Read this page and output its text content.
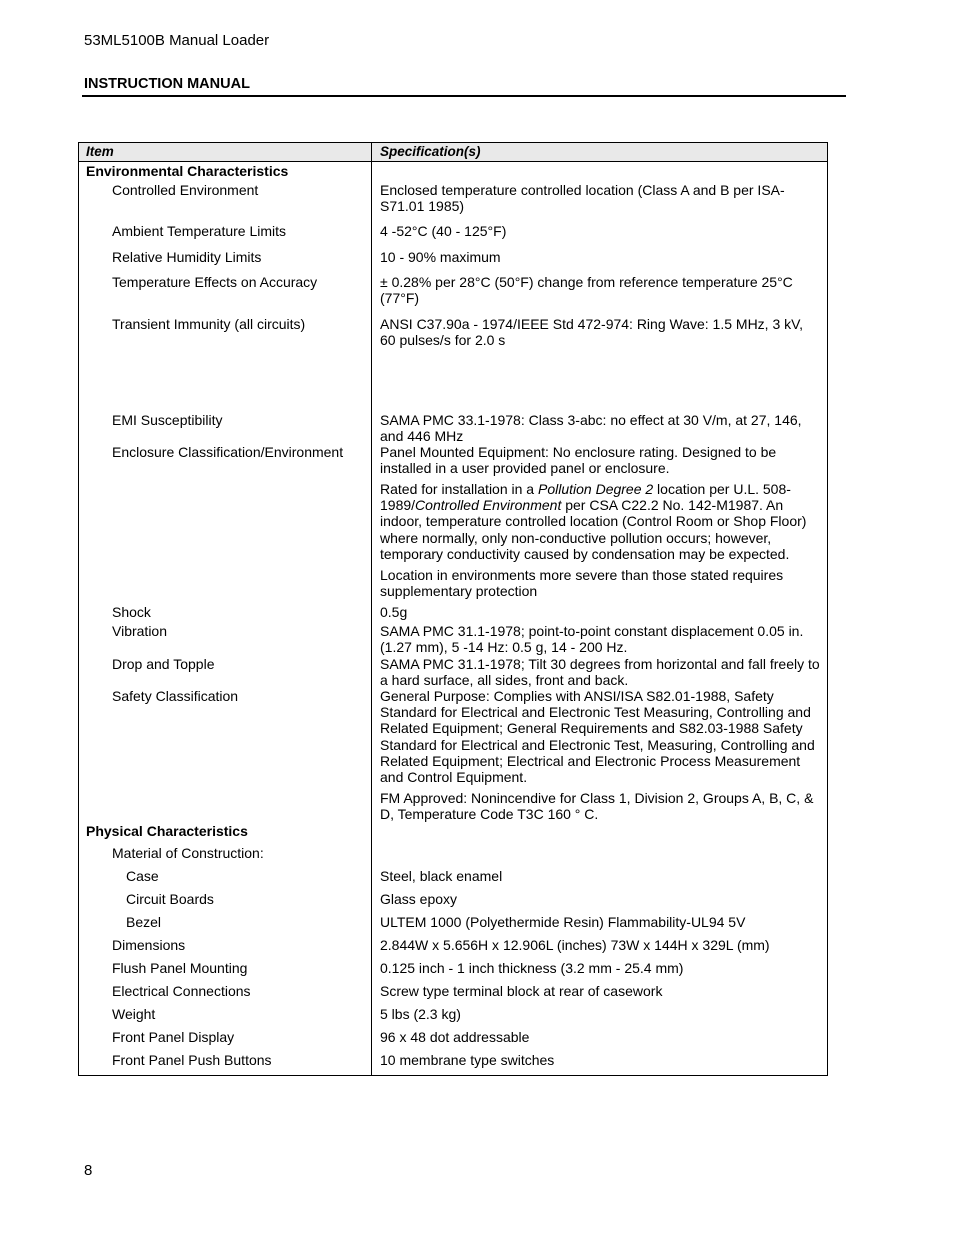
53ML5100B Manual Loader
INSTRUCTION MANUAL
Item	Specification(s)
Environmental Characteristics
Controlled Environment	Enclosed temperature controlled location (Class A and B per ISA-S71.01 1985)
Ambient Temperature Limits	4 -52°C (40 - 125°F)
Relative Humidity Limits	10 - 90% maximum
Temperature Effects on Accuracy	± 0.28% per 28°C (50°F) change from reference temperature 25°C (77°F)
Transient Immunity (all circuits)	ANSI C37.90a - 1974/IEEE Std 472-974: Ring Wave: 1.5 MHz, 3 kV, 60 pulses/s for 2.0 s
EMI Susceptibility	SAMA PMC 33.1-1978: Class 3-abc: no effect at 30 V/m, at 27, 146, and 446 MHz
Enclosure Classification/Environment	Panel Mounted Equipment: No enclosure rating. Designed to be installed in a user provided panel or enclosure.
Rated for installation in a Pollution Degree 2 location per U.L. 508-1989/Controlled Environment per CSA C22.2 No. 142-M1987. An indoor, temperature controlled location (Control Room or Shop Floor) where normally, only non-conductive pollution occurs; however, temporary conductivity caused by condensation may be expected.
Location in environments more severe than those stated requires supplementary protection
Shock	0.5g
Vibration	SAMA PMC 31.1-1978; point-to-point constant displacement 0.05 in. (1.27 mm), 5 -14 Hz: 0.5 g, 14 - 200 Hz.
Drop and Topple	SAMA PMC 31.1-1978; Tilt 30 degrees from horizontal and fall freely to a hard surface, all sides, front and back.
Safety Classification	General Purpose: Complies with ANSI/ISA S82.01-1988, Safety Standard for Electrical and Electronic Test Measuring, Controlling and Related Equipment; General Requirements and S82.03-1988 Safety Standard for Electrical and Electronic Test, Measuring, Controlling and Related Equipment; Electrical and Electronic Process Measurement and Control Equipment.
FM Approved: Nonincendive for Class 1, Division 2, Groups A, B, C, & D, Temperature Code T3C 160 ° C.
Physical Characteristics
Material of Construction:
Case	Steel, black enamel
Circuit Boards	Glass epoxy
Bezel	ULTEM 1000 (Polyethermide Resin) Flammability-UL94 5V
Dimensions	2.844W x 5.656H x 12.906L (inches) 73W x 144H x 329L (mm)
Flush Panel Mounting	0.125 inch - 1 inch thickness (3.2 mm - 25.4 mm)
Electrical Connections	Screw type terminal block at rear of casework
Weight	5 lbs (2.3 kg)
Front Panel Display	96 x 48 dot addressable
Front Panel Push Buttons	10 membrane type switches
8
